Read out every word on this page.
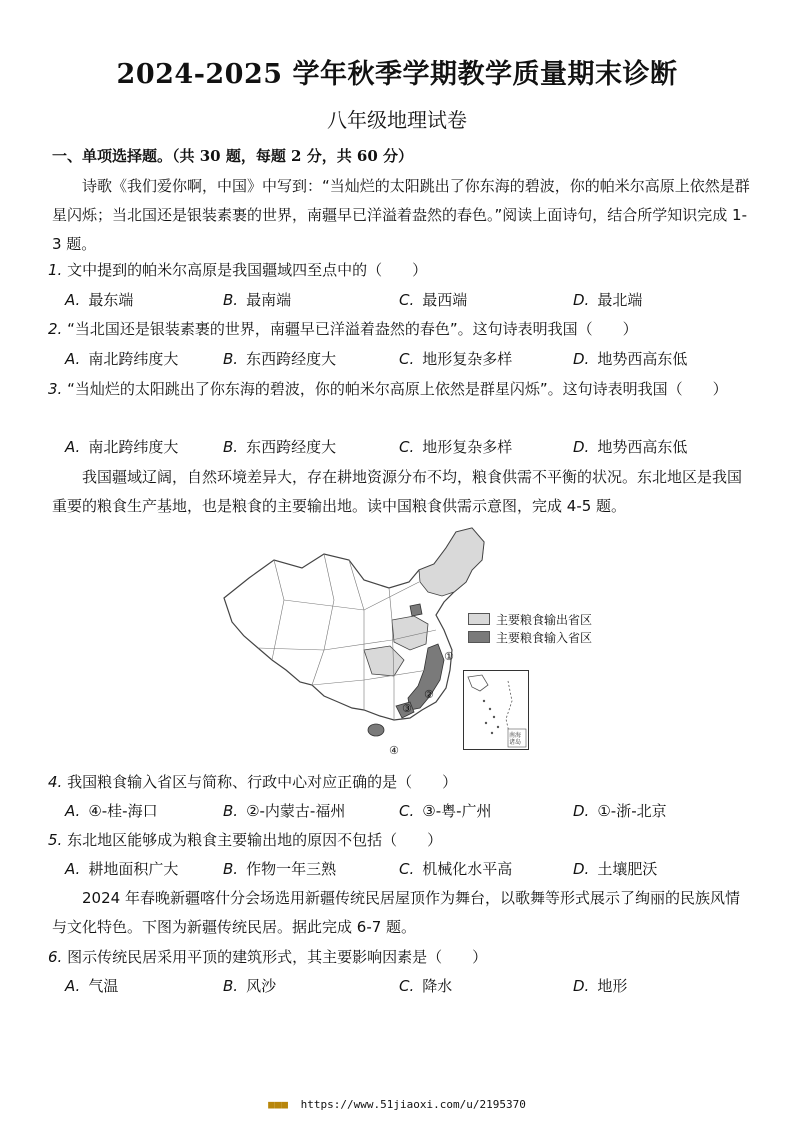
2024-2025 学年秋季学期教学质量期末诊断
八年级地理试卷
一、单项选择题。（共 30 题，每题 2 分，共 60 分）
诗歌《我们爱你啊，中国》中写到：“当灿烂的太阳跳出了你东海的碧波，你的帕米尔高原上依然是群星闪烁；当北国还是银装素裹的世界，南疆早已洋溢着盎然的春色。”阅读上面诗句，结合所学知识完成 1-3 题。
1. 文中提到的帕米尔高原是我国疆域四至点中的（　　）
A. 最东端	B. 最南端	C. 最西端	D. 最北端
2. “当北国还是银装素裹的世界，南疆早已洋溢着盎然的春色”。这句诗表明我国（　　）
A. 南北跨纬度大	B. 东西跨经度大	C. 地形复杂多样	D. 地势西高东低
3. “当灿烂的太阳跳出了你东海的碧波，你的帕米尔高原上依然是群星闪烁”。这句诗表明我国（　　）
A. 南北跨纬度大	B. 东西跨经度大	C. 地形复杂多样	D. 地势西高东低
我国疆域辽阔，自然环境差异大，存在耕地资源分布不均，粮食供需不平衡的状况。东北地区是我国重要的粮食生产基地，也是粮食的主要输出地。读中国粮食供需示意图，完成 4-5 题。
①
②
③
④
主要粮食输出省区
主要粮食输入省区
南海
诸岛
4. 我国粮食输入省区与简称、行政中心对应正确的是（　　）
A. ④-桂-海口	B. ②-内蒙古-福州	C. ③-粤-广州	D. ①-浙-北京
5. 东北地区能够成为粮食主要输出地的原因不包括（　　）
A. 耕地面积广大	B. 作物一年三熟	C. 机械化水平高	D. 土壤肥沃
2024 年春晚新疆喀什分会场选用新疆传统民居屋顶作为舞台，以歌舞等形式展示了绚丽的民族风情与文化特色。下图为新疆传统民居。据此完成 6-7 题。
6. 图示传统民居采用平顶的建筑形式，其主要影响因素是（　　）
A. 气温	B. 风沙	C. 降水	D. 地形
■■■ https://www.51jiaoxi.com/u/2195370
